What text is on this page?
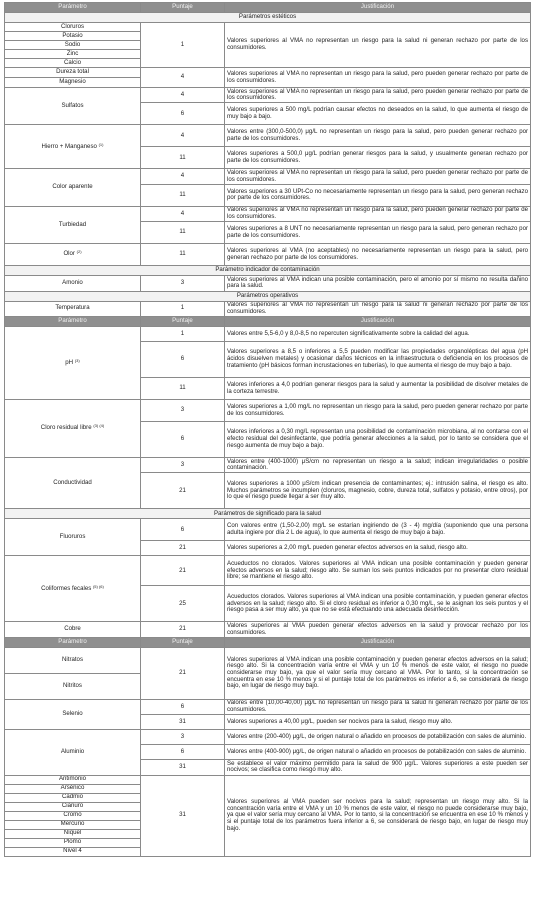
Parámetro	Puntaje	Justificación
Parámetros estéticos		
Cloruros	1	Valores superiores al VMA no representan un riesgo para la salud ni generan rechazo por parte de los consumidores.
Potasio		
Sodio		
Zinc		
Calcio		
Dureza total	4	Valores superiores al VMA no representan un riesgo para la salud, pero pueden generar rechazo por parte de los consumidores.
Magnesio		
Sulfatos	4	Valores superiores al VMA no representan un riesgo para la salud, pero pueden generar rechazo por parte de los consumidores.
	6	Valores superiores a 500 mg/L podrían causar efectos no deseados en la salud, lo que aumenta el riesgo de muy bajo a bajo.
Hierro + Manganeso $^{(1)}$	4	Valores entre (300,0-500,0) μg/L no representan un riesgo para la salud, pero pueden generar rechazo por parte de los consumidores.
	11	Valores superiores a 500,0 μg/L podrían generar riesgos para la salud, y usualmente generan rechazo por parte de los consumidores.
Color aparente	4	Valores superiores al VMA no representan un riesgo para la salud, pero pueden generar rechazo por parte de los consumidores.
	11	Valores superiores a 30 UPt-Co no necesariamente representan un riesgo para la salud, pero generan rechazo por parte de los consumidores.
Turbiedad	4	Valores superiores al VMA no representan un riesgo para la salud, pero pueden generar rechazo por parte de los consumidores.
	11	Valores superiores a 8 UNT no necesariamente representan un riesgo para la salud, pero generan rechazo por parte de los consumidores.
Olor $^{(2)}$	11	Valores superiores al VMA (no aceptables) no necesariamente representan un riesgo para la salud, pero generan rechazo por parte de los consumidores.
Parámetro indicador de contaminación		
Amonio	3	Valores superiores al VMA indican una posible contaminación, pero el amonio por sí mismo no resulta dañino para la salud.
Parámetros operativos		
Temperatura	1	Valores superiores al VMA no representan un riesgo para la salud ni generan rechazo por parte de los consumidores.
Parámetro	Puntaje	Justificación
pH $^{(3)}$	1	Valores entre 5,5-6,0 y 8,0-8,5 no repercuten significativamente sobre la calidad del agua.
	6	Valores superiores a 8,5 o inferiores a 5,5 pueden modificar las propiedades organolépticas del agua (pH ácidos disuelven metales) y ocasionar daños técnicos en la infraestructura o deficiencia en los procesos de tratamiento (pH básicos forman incrustaciones en tuberías), lo que aumenta el riesgo de muy bajo a bajo.
	11	Valores inferiores a 4,0 podrían generar riesgos para la salud y aumentar la posibilidad de disolver metales de la corteza terrestre.
Cloro residual libre $^{(3) (4)}$	3	Valores superiores a 1,00 mg/L no representan un riesgo para la salud, pero pueden generar rechazo por parte de los consumidores.
	6	Valores inferiores a 0,30 mg/L representan una posibilidad de contaminación microbiana, al no contarse con el efecto residual del desinfectante, que podría generar afecciones a la salud, por lo tanto se considera que el riesgo aumenta de muy bajo a bajo.
Conductividad	3	Valores entre (400-1000) μS/cm no representan un riesgo a la salud; indican irregularidades o posible contaminación.
	21	Valores superiores a 1000 μS/cm indican presencia de contaminantes; ej.: intrusión salina, el riesgo es alto. Muchos parámetros se incumplen (cloruros, magnesio, cobre, dureza total, sulfatos y potasio, entre otros), por lo que el riesgo puede llegar a ser muy alto.
Parámetros de significado para la salud		
Fluoruros	6	Con valores entre (1,50-2,00) mg/L se estarían ingiriendo de (3 - 4) mg/día (suponiendo que una persona adulta ingiere por día 2 L de agua), lo que aumenta el riesgo de muy bajo a bajo.
	21	Valores superiores a 2,00 mg/L pueden generar efectos adversos en la salud, riesgo alto.
Coliformes fecales $^{(5) (6)}$	21	Acueductos no clorados. Valores superiores al VMA indican una posible contaminación y pueden generar efectos adversos en la salud; riesgo alto. Se suman los seis puntos indicados por no presentar cloro residual libre; se mantiene el riesgo alto.
	25	Acueductos clorados. Valores superiores al VMA indican una posible contaminación, y pueden generar efectos adversos en la salud; riesgo alto. Si el cloro residual es inferior a 0,30 mg/L, se le asignan los seis puntos y el riesgo pasa a ser muy alto, ya que no se está efectuando una adecuada desinfección.
Cobre	21	Valores superiores al VMA pueden generar efectos adversos en la salud y provocar rechazo por los consumidores.
Parámetro	Puntaje	Justificación
Nitratos	21	Valores superiores al VMA indican una posible contaminación y pueden generar efectos adversos en la salud; riesgo alto. Si la concentración varía entre el VMA y un 10 % menos de este valor, el riesgo no puede considerarse muy bajo, ya que el valor sería muy cercano al VMA. Por lo tanto, si la concentración se encuentra en ese 10 % menos y si el puntaje total de los parámetros es inferior a 6, se considerará de riesgo bajo, en lugar de riesgo muy bajo.
Nitritos		
Selenio	6	Valores entre (10,00-40,00) μg/L no representan un riesgo para la salud ni generan rechazo por parte de los consumidores.
	31	Valores superiores a 40,00 μg/L, pueden ser nocivos para la salud, riesgo muy alto.
Aluminio	3	Valores entre (200-400) μg/L, de origen natural o añadido en procesos de potabilización con sales de aluminio.
	6	Valores entre (400-900) μg/L, de origen natural o añadido en procesos de potabilización con sales de aluminio.
	31	Se establece el valor máximo permitido para la salud de 900 μg/L. Valores superiores a este pueden ser nocivos; se clasifica como riesgo muy alto.
Antimonio	31	Valores superiores al VMA pueden ser nocivos para la salud; representan un riesgo muy alto. Si la concentración varía entre el VMA y un 10 % menos de este valor, el riesgo no puede considerarse muy bajo, ya que el valor sería muy cercano al VMA. Por lo tanto, si la concentración se encuentra en ese 10 % menos y si el puntaje total de los parámetros fuera inferior a 6, se considerará de riesgo bajo, en lugar de riesgo muy bajo.
Arsénico		
Cadmio		
Cianuro		
Cromo		
Mercurio		
Níquel		
Plomo		
Nivel 4		
